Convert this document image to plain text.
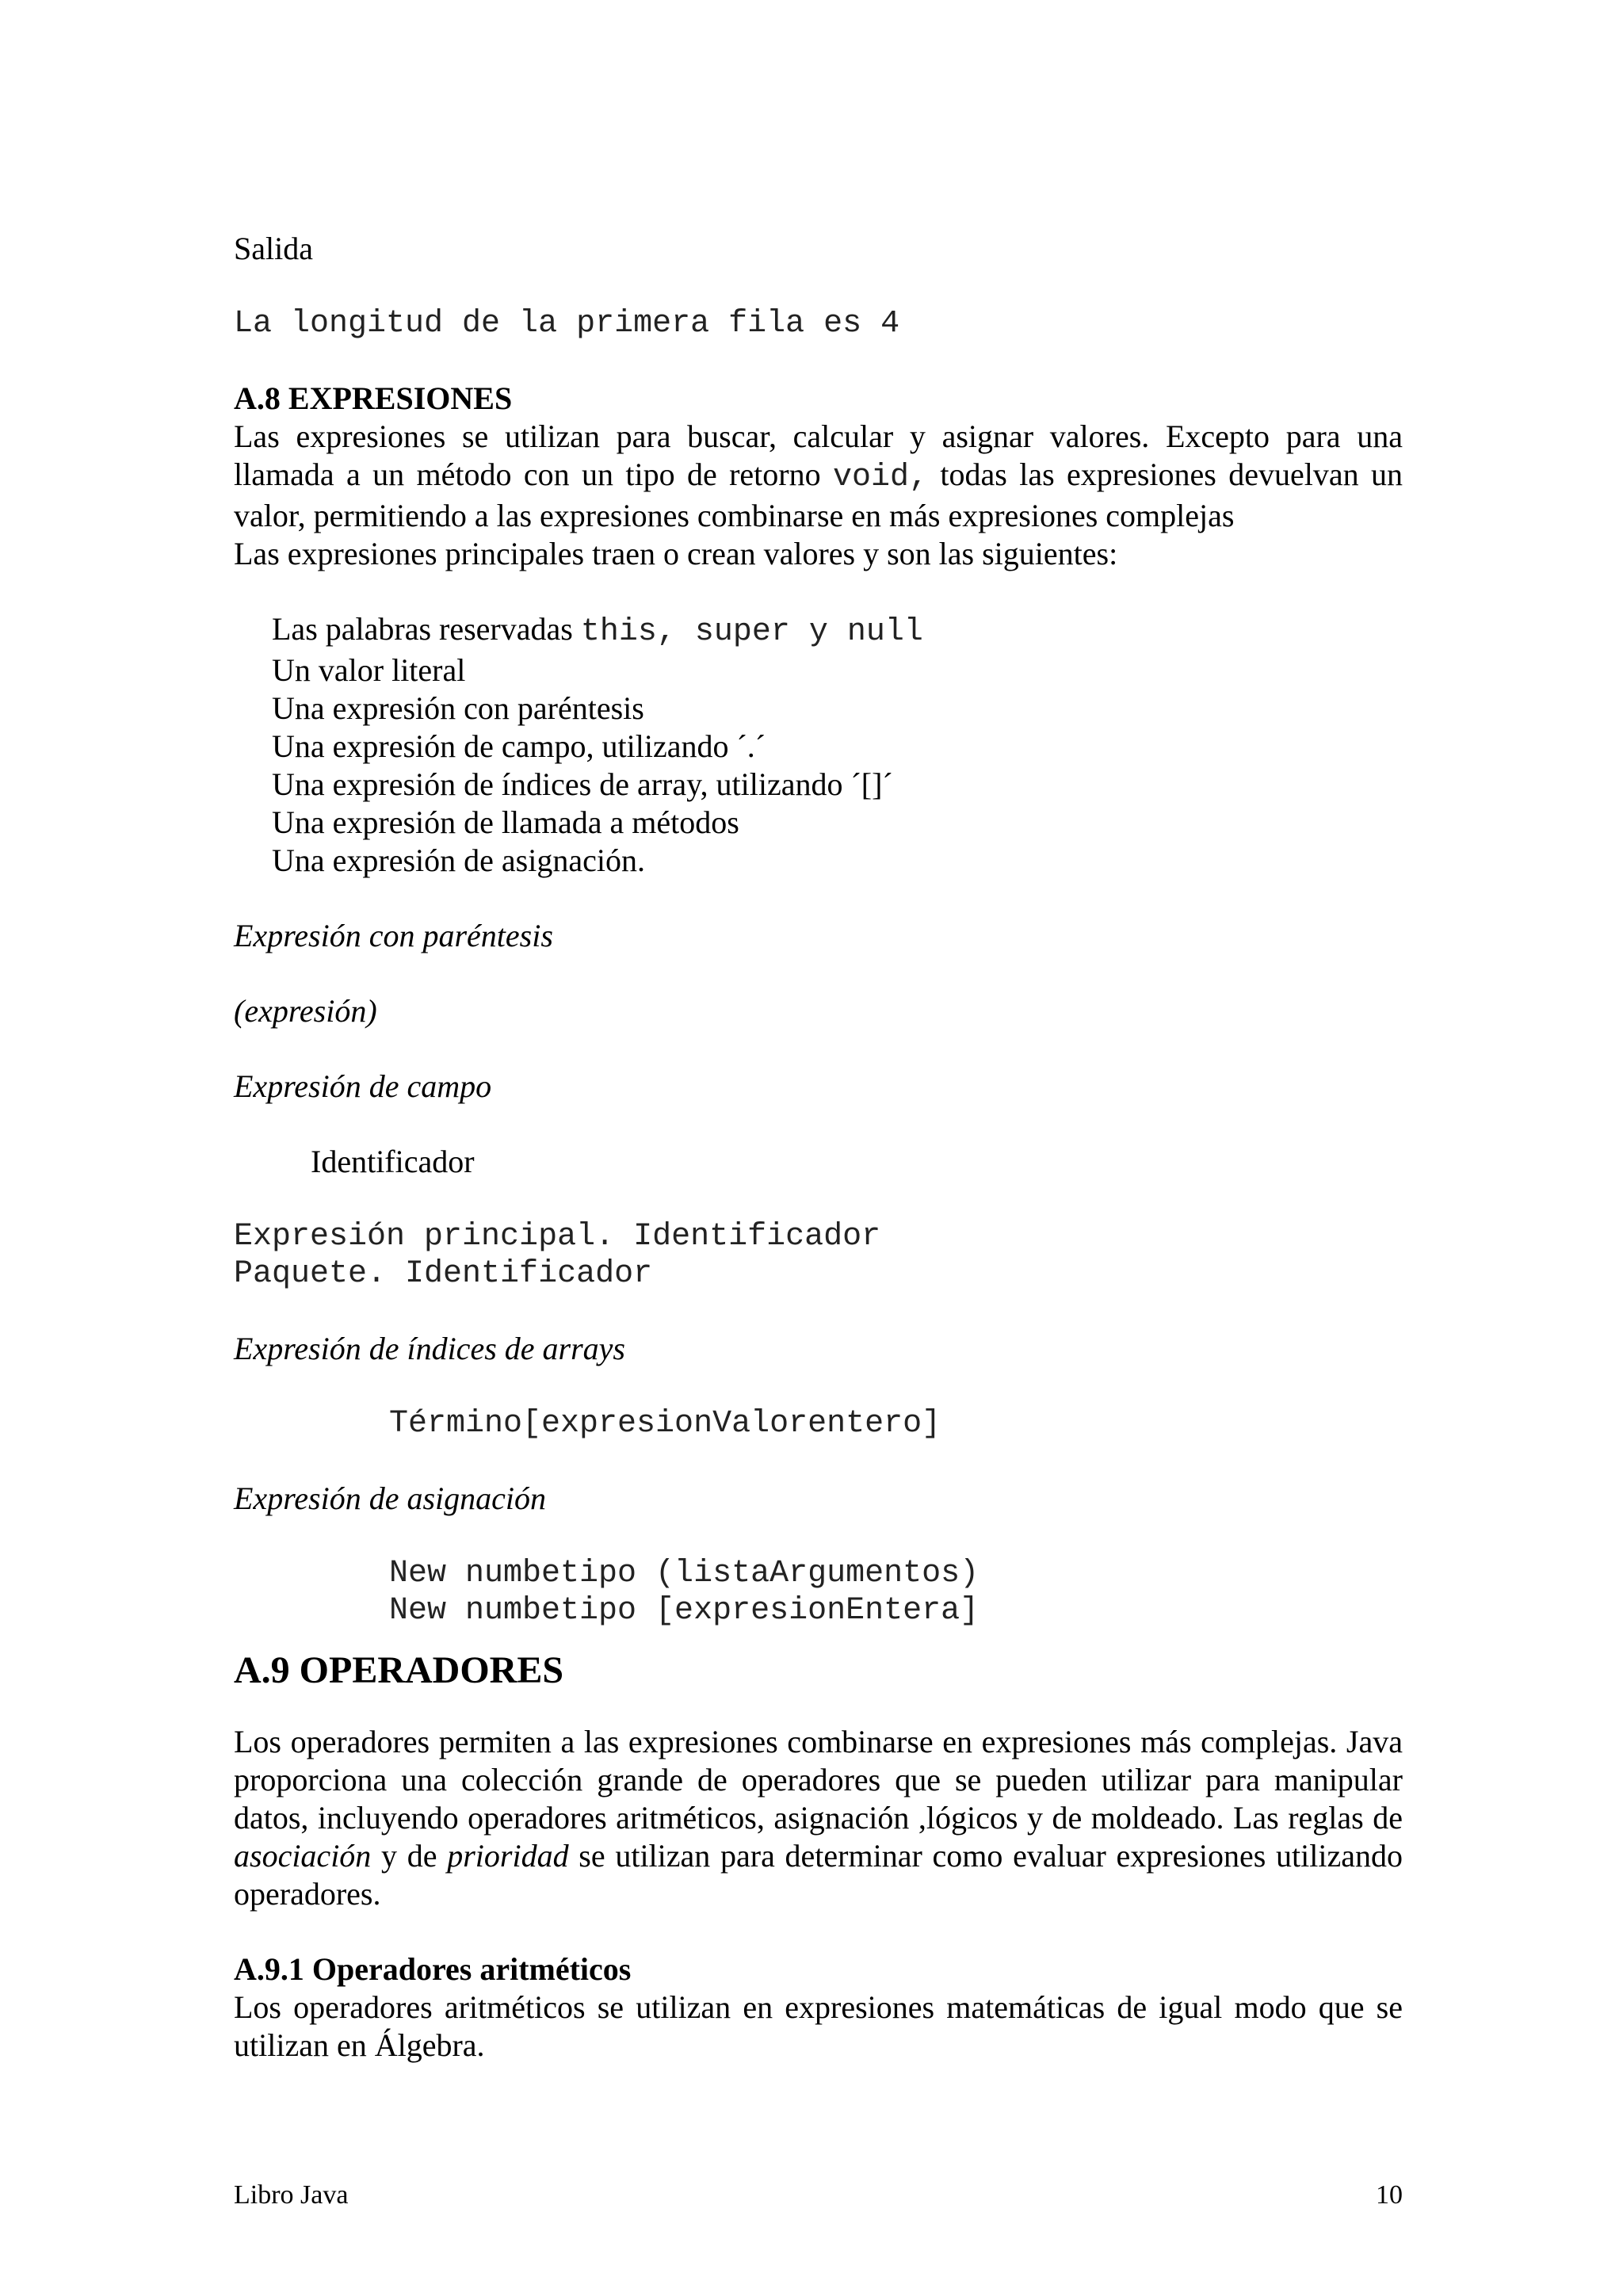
Salida

La longitud de la primera fila es 4

A.8 EXPRESIONES

Las expresiones se utilizan para buscar, calcular y asignar valores. Excepto para una llamada a un método con un tipo de retorno void, todas las expresiones devuelvan un valor, permitiendo a las expresiones combinarse en más expresiones complejas

Las expresiones principales traen o crean valores y son las siguientes:

Las palabras reservadas this, super y null

Un valor literal

Una expresión con paréntesis

Una expresión de campo, utilizando ´.´

Una expresión de índices de array, utilizando ´[]´

Una expresión de llamada a métodos

Una expresión de asignación.

Expresión con paréntesis

(expresión)

Expresión de campo

Identificador

Expresión principal. Identificador

Paquete. Identificador

Expresión de índices de arrays

Término[expresionValorentero]

Expresión de asignación

New numbetipo (listaArgumentos)

New numbetipo [expresionEntera]

A.9 OPERADORES

Los operadores permiten a las expresiones combinarse en expresiones más complejas. Java proporciona una colección grande de operadores que se pueden utilizar para manipular datos, incluyendo operadores aritméticos, asignación ,lógicos y de moldeado. Las reglas de asociación y de prioridad se utilizan para determinar como evaluar expresiones utilizando operadores.

A.9.1 Operadores aritméticos

Los operadores aritméticos se utilizan en expresiones matemáticas de igual modo que se utilizan en Álgebra.

Libro Java	10
